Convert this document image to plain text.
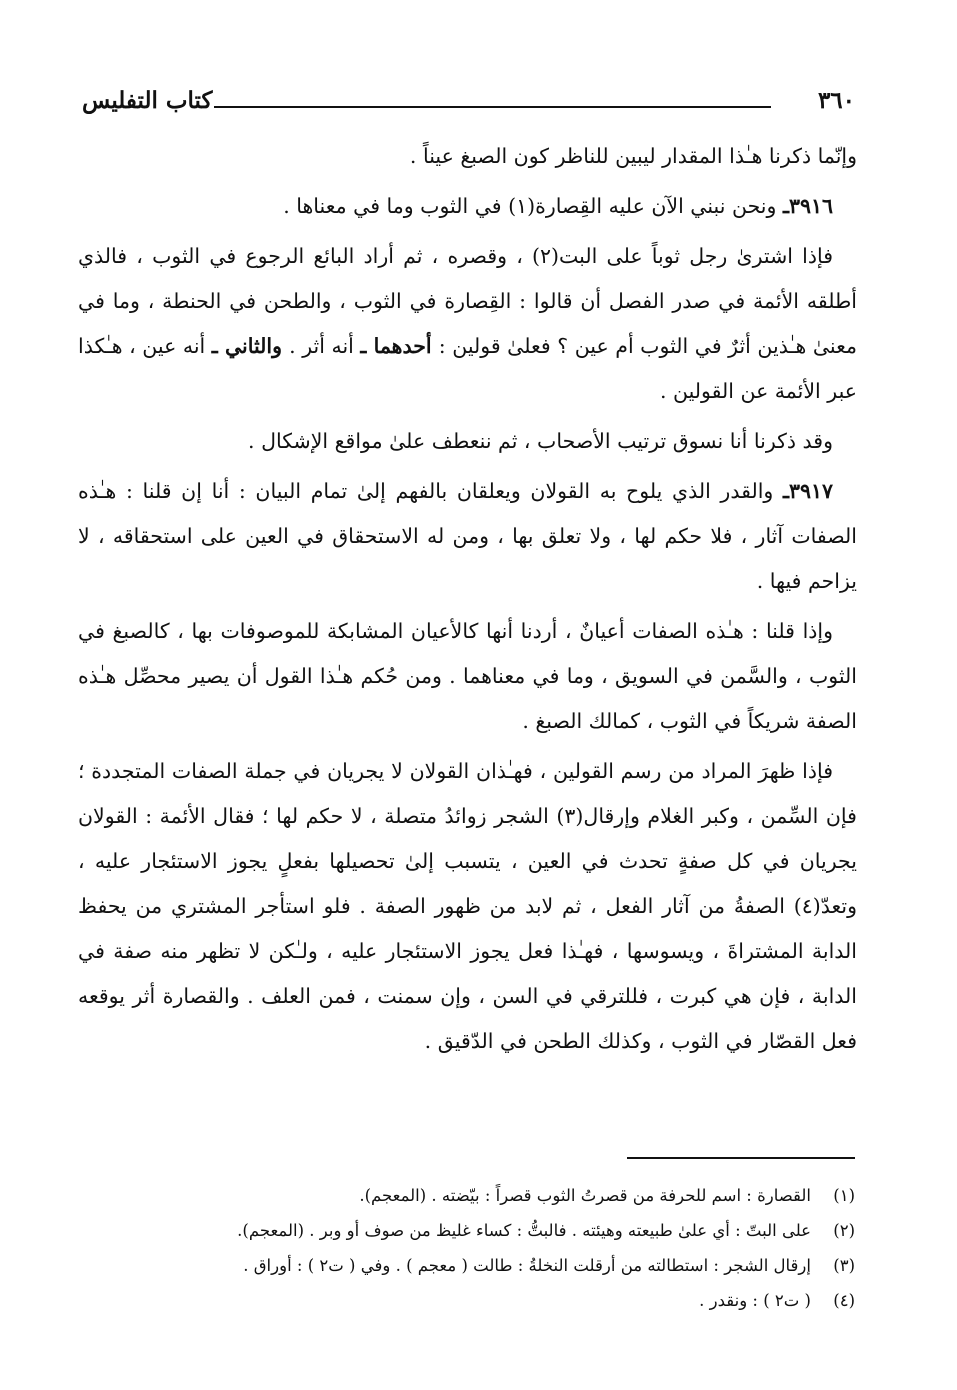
كتاب التفليس	٣٦٠

وإنّما ذكرنا هـٰذا المقدار ليبين للناظر كون الصبغ عيناً .

٣٩١٦ـ ونحن نبني الآن عليه القِصارة(١) في الثوب وما في معناها .

فإذا اشترىٰ رجل ثوباً على البت(٢) ، وقصره ، ثم أراد البائع الرجوع في الثوب ، فالذي أطلقه الأئمة في صدر الفصل أن قالوا : القِصارة في الثوب ، والطحن في الحنطة ، وما في معنىٰ هـٰذين أثرٌ في الثوب أم عين ؟ فعلىٰ قولين : أحدهما ـ أنه أثر . والثاني ـ أنه عين ، هـٰكذا عبر الأئمة عن القولين .

وقد ذكرنا أنا نسوق ترتيب الأصحاب ، ثم ننعطف علىٰ مواقع الإشكال .

٣٩١٧ـ والقدر الذي يلوح به القولان ويعلقان بالفهم إلىٰ تمام البيان : أنا إن قلنا : هـٰذه الصفات آثار ، فلا حكم لها ، ولا تعلق بها ، ومن له الاستحقاق في العين على استحقاقه ، لا يزاحم فيها .

وإذا قلنا : هـٰذه الصفات أعيانٌ ، أردنا أنها كالأعيان المشابكة للموصوفات بها ، كالصبغ في الثوب ، والسَّمن في السويق ، وما في معناهما . ومن حُكم هـٰذا القول أن يصير محصِّل هـٰذه الصفة شريكاً في الثوب ، كمالك الصبغ .

فإذا ظهرَ المراد من رسم القولين ، فهـٰذان القولان لا يجريان في جملة الصفات المتجددة ؛ فإن السِّمن ، وكبر الغلام وإرقال(٣) الشجر زوائدُ متصلة ، لا حكم لها ؛ فقال الأئمة : القولان يجريان في كل صفةٍ تحدث في العين ، يتسبب إلىٰ تحصيلها بفعلٍ يجوز الاستئجار عليه ، وتعدّ(٤) الصفةُ من آثار الفعل ، ثم لابد من ظهور الصفة . فلو استأجر المشتري من يحفظ الدابة المشتراةَ ، ويسوسها ، فهـٰذا فعل يجوز الاستئجار عليه ، ولـٰكن لا تظهر منه صفة في الدابة ، فإن هي كبرت ، فللترقي في السن ، وإن سمنت ، فمن العلف . والقصارة أثر يوقعه فعل القصّار في الثوب ، وكذلك الطحن في الدّقيق .

(١)
القصارة : اسم للحرفة من قصرتُ الثوب قصراً : بيّضته . (المعجم).
(٢)
على البتّ : أي علىٰ طبيعته وهيئته . فالبتُّ : كساء غليظ من صوف أو وبر . (المعجم).
(٣)
إرقال الشجر : استطالته من أرقلت النخلةُ : طالت ( معجم ) . وفي ( ت٢ ) : أوراق .
(٤)
( ت٢ ) : ونقدر .
